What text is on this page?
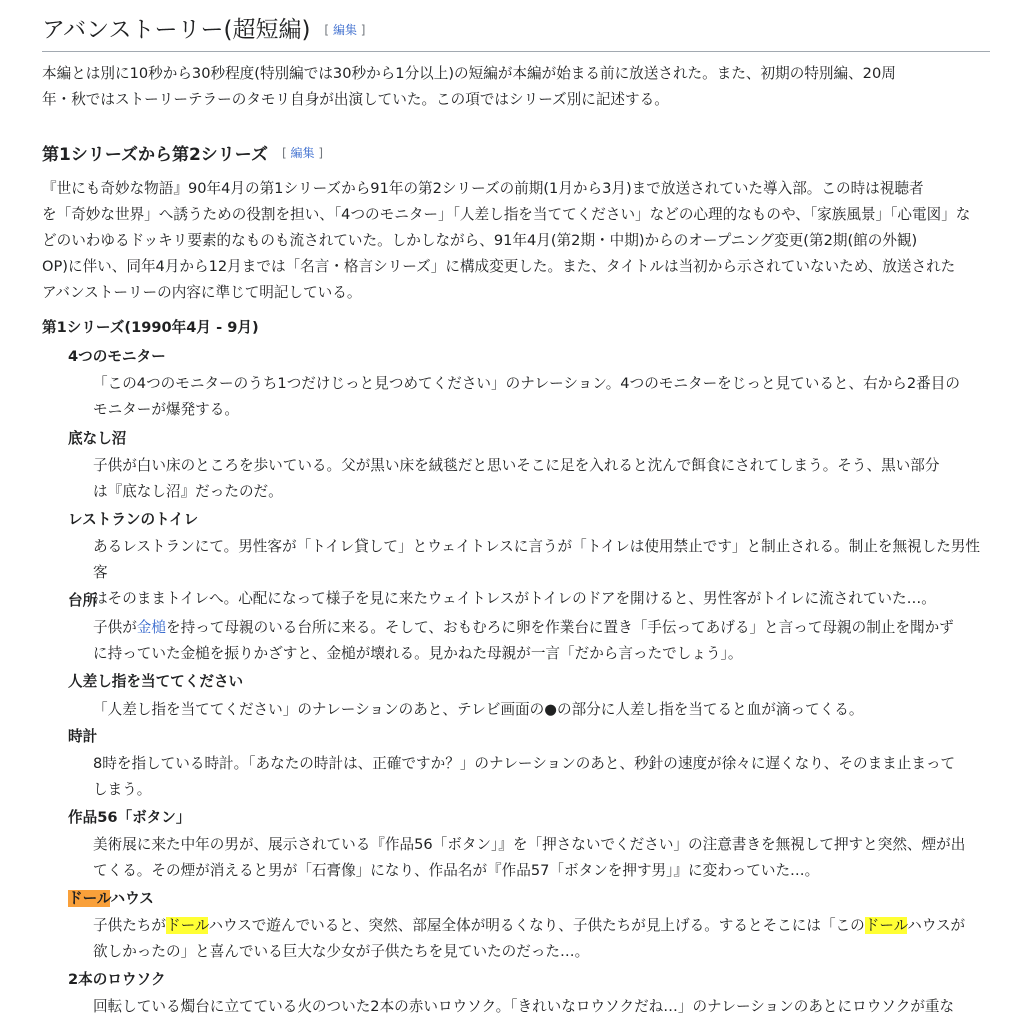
アバンストーリー(超短編) [ 編集 ]

本編とは別に10秒から30秒程度(特別編では30秒から1分以上)の短編が本編が始まる前に放送された。また、初期の特別編、20周
年・秋ではストーリーテラーのタモリ自身が出演していた。この項ではシリーズ別に記述する。

第1シリーズから第2シリーズ [ 編集 ]

『世にも奇妙な物語』90年4月の第1シリーズから91年の第2シリーズの前期(1月から3月)まで放送されていた導入部。この時は視聴者
を「奇妙な世界」へ誘うための役割を担い、「4つのモニター」「人差し指を当ててください」などの心理的なものや、「家族風景」「心電図」な
どのいわゆるドッキリ要素的なものも流されていた。しかしながら、91年4月(第2期・中期)からのオープニング変更(第2期(館の外観)
OP)に伴い、同年4月から12月までは「名言・格言シリーズ」に構成変更した。また、タイトルは当初から示されていないため、放送された
アバンストーリーの内容に準じて明記している。

第1シリーズ(1990年4月 - 9月)
4つのモニター
「この4つのモニターのうち1つだけじっと見つめてください」のナレーション。4つのモニターをじっと見ていると、右から2番目の
モニターが爆発する。
底なし沼
子供が白い床のところを歩いている。父が黒い床を絨毯だと思いそこに足を入れると沈んで餌食にされてしまう。そう、黒い部分
は『底なし沼』だったのだ。
レストランのトイレ
あるレストランにて。男性客が「トイレ貸して」とウェイトレスに言うが「トイレは使用禁止です」と制止される。制止を無視した男性客
はそのままトイレへ。心配になって様子を見に来たウェイトレスがトイレのドアを開けると、男性客がトイレに流されていた…。
台所
子供が金槌を持って母親のいる台所に来る。そして、おもむろに卵を作業台に置き「手伝ってあげる」と言って母親の制止を聞かず
に持っていた金槌を振りかざすと、金槌が壊れる。見かねた母親が一言「だから言ったでしょう」。
人差し指を当ててください
「人差し指を当ててください」のナレーションのあと、テレビ画面の●の部分に人差し指を当てると血が滴ってくる。
時計
8時を指している時計。「あなたの時計は、正確ですか？」のナレーションのあと、秒針の速度が徐々に遅くなり、そのまま止まって
しまう。
作品56「ボタン」
美術展に来た中年の男が、展示されている『作品56「ボタン」』を「押さないでください」の注意書きを無視して押すと突然、煙が出
てくる。その煙が消えると男が「石膏像」になり、作品名が『作品57「ボタンを押す男」』に変わっていた…。
ドールハウス
子供たちがドールハウスで遊んでいると、突然、部屋全体が明るくなり、子供たちが見上げる。するとそこには「このドールハウスが
欲しかったの」と喜んでいる巨大な少女が子供たちを見ていたのだった…。
2本のロウソク
回転している燭台に立てている火のついた2本の赤いロウソク。「きれいなロウソクだね…」のナレーションのあとにロウソクが重な
